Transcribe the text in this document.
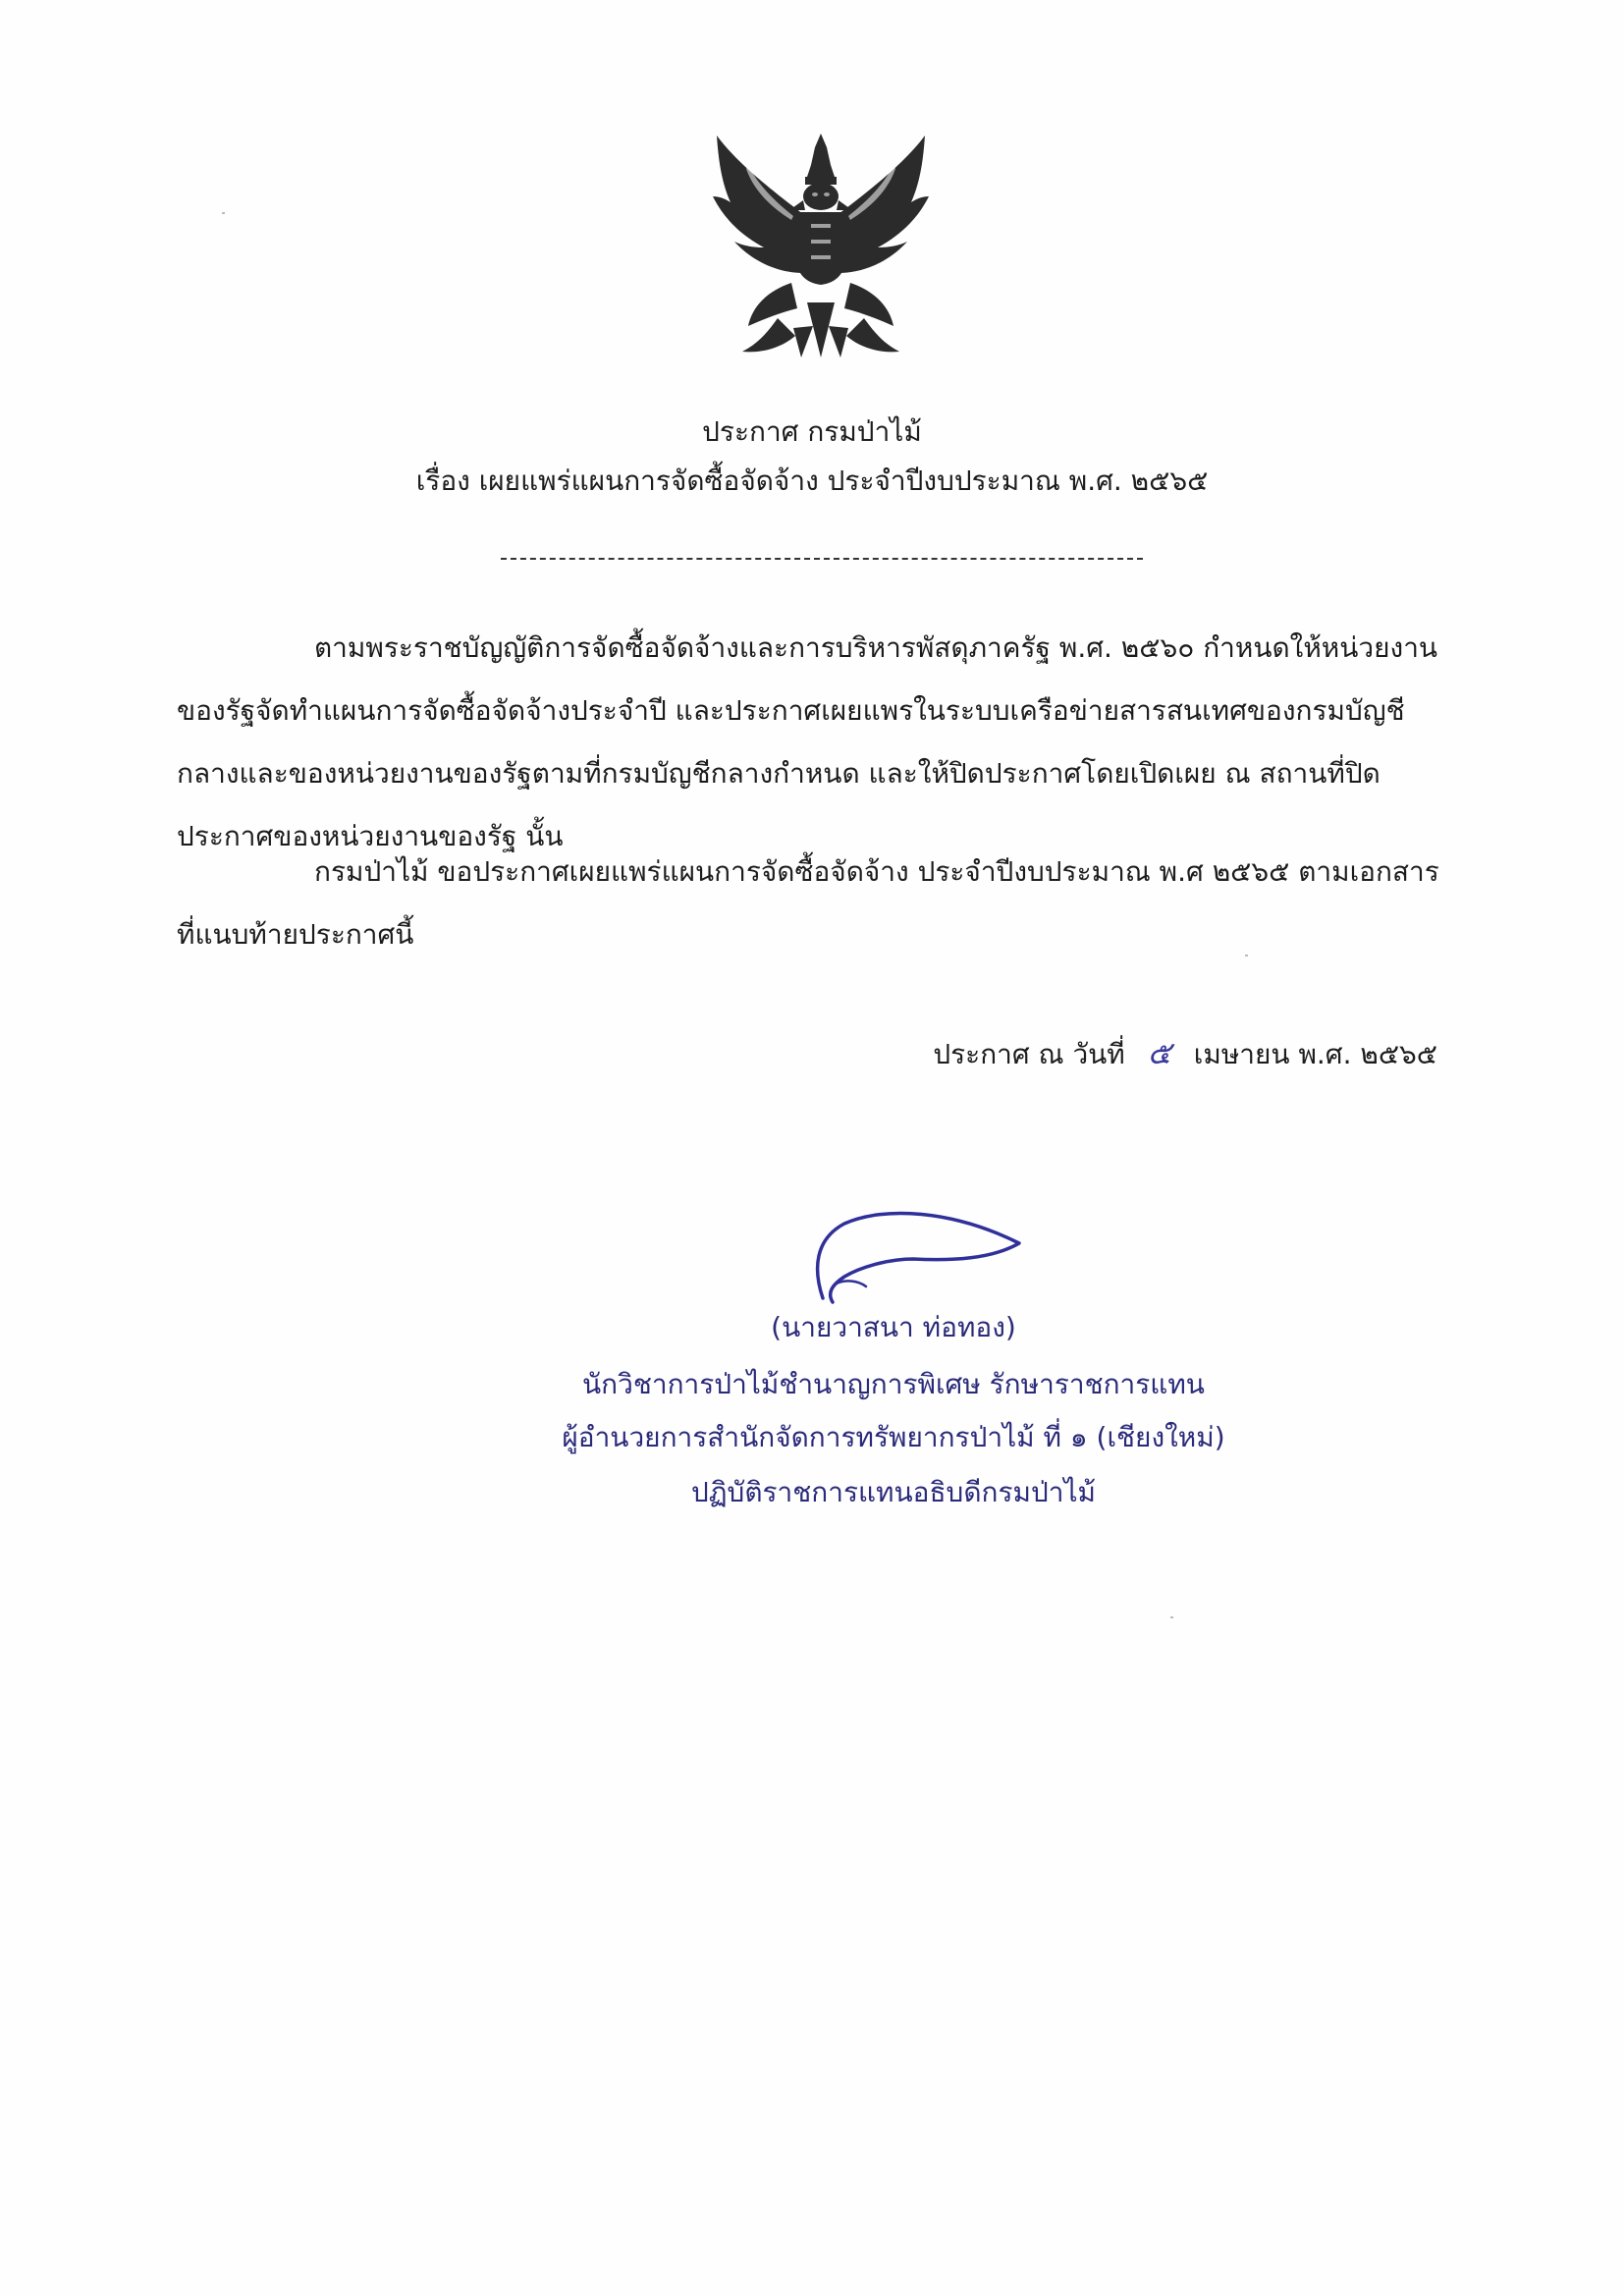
ประกาศ กรมป่าไม้
เรื่อง เผยแพร่แผนการจัดซื้อจัดจ้าง ประจำปีงบประมาณ พ.ศ. ๒๕๖๕
ตามพระราชบัญญัติการจัดซื้อจัดจ้างและการบริหารพัสดุภาครัฐ พ.ศ. ๒๕๖๐ กำหนดให้หน่วยงานของรัฐจัดทำแผนการจัดซื้อจัดจ้างประจำปี และประกาศเผยแพรในระบบเครือข่ายสารสนเทศของกรมบัญชีกลางและของหน่วยงานของรัฐตามที่กรมบัญชีกลางกำหนด และให้ปิดประกาศโดยเปิดเผย ณ สถานที่ปิดประกาศของหน่วยงานของรัฐ นั้น
กรมป่าไม้ ขอประกาศเผยแพร่แผนการจัดซื้อจัดจ้าง ประจำปีงบประมาณ พ.ศ ๒๕๖๕ ตามเอกสารที่แนบท้ายประกาศนี้
ประกาศ ณ วันที่ ๕ เมษายน พ.ศ. ๒๕๖๕
(นายวาสนา ท่อทอง)
นักวิชาการป่าไม้ชำนาญการพิเศษ รักษาราชการแทน
ผู้อำนวยการสำนักจัดการทรัพยากรป่าไม้ ที่ ๑ (เชียงใหม่)
ปฏิบัติราชการแทนอธิบดีกรมป่าไม้
